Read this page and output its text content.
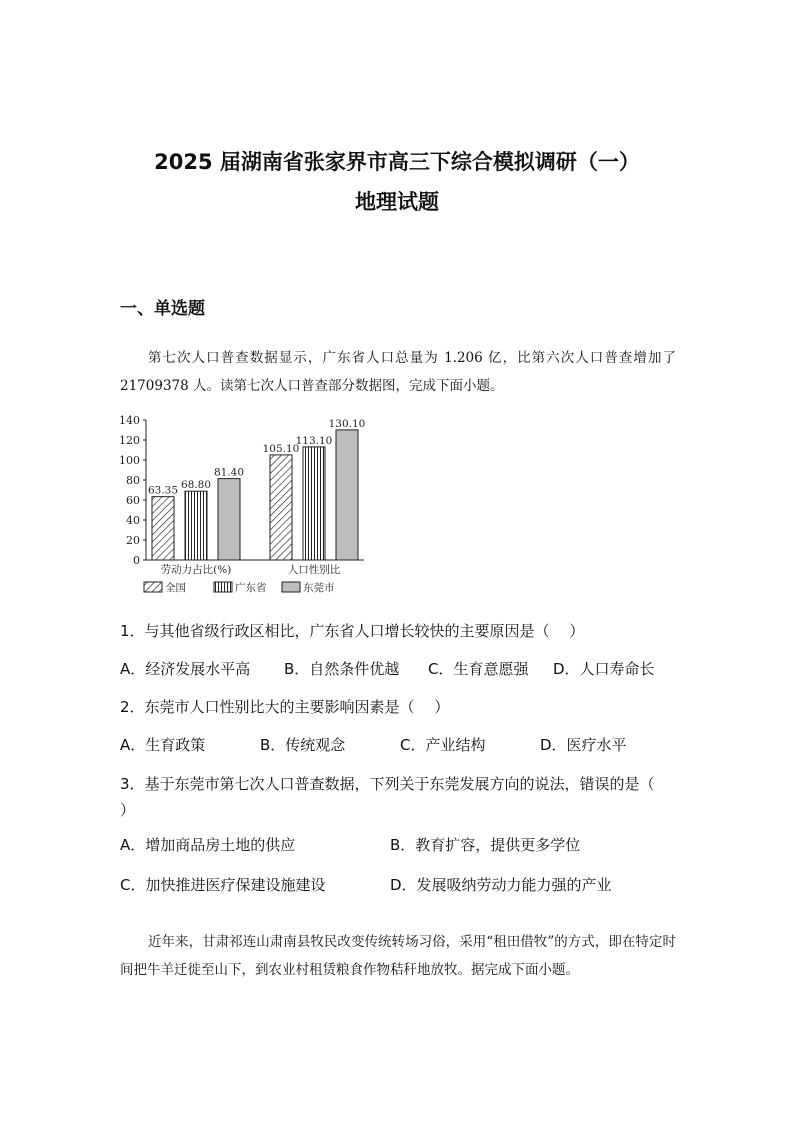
2025 届湖南省张家界市高三下综合模拟调研（一）
地理试题
一、单选题
第七次人口普查数据显示，广东省人口总量为 1.206 亿，比第六次人口普查增加了 21709378 人。读第七次人口普查部分数据图，完成下面小题。
0
20
40
60
80
100
120
140
63.35 68.80
81.40
劳动力占比(%)
105.10
113.10
130.10
人口性别比
全国	广东省	东莞市
1．与其他省级行政区相比，广东省人口增长较快的主要原因是（　 ）
A．经济发展水平高 B．自然条件优越 C．生育意愿强 D．人口寿命长
2．东莞市人口性别比大的主要影响因素是（　 ）
A．生育政策	B．传统观念	C．产业结构	D．医疗水平
3．基于东莞市第七次人口普查数据，下列关于东莞发展方向的说法，错误的是（　 ）
A．增加商品房土地的供应	B．教育扩容，提供更多学位
C．加快推进医疗保建设施建设	D．发展吸纳劳动力能力强的产业
近年来，甘肃祁连山肃南县牧民改变传统转场习俗，采用“租田借牧”的方式，即在特定时间把牛羊迁徙至山下，到农业村租赁粮食作物秸秆地放牧。据完成下面小题。
